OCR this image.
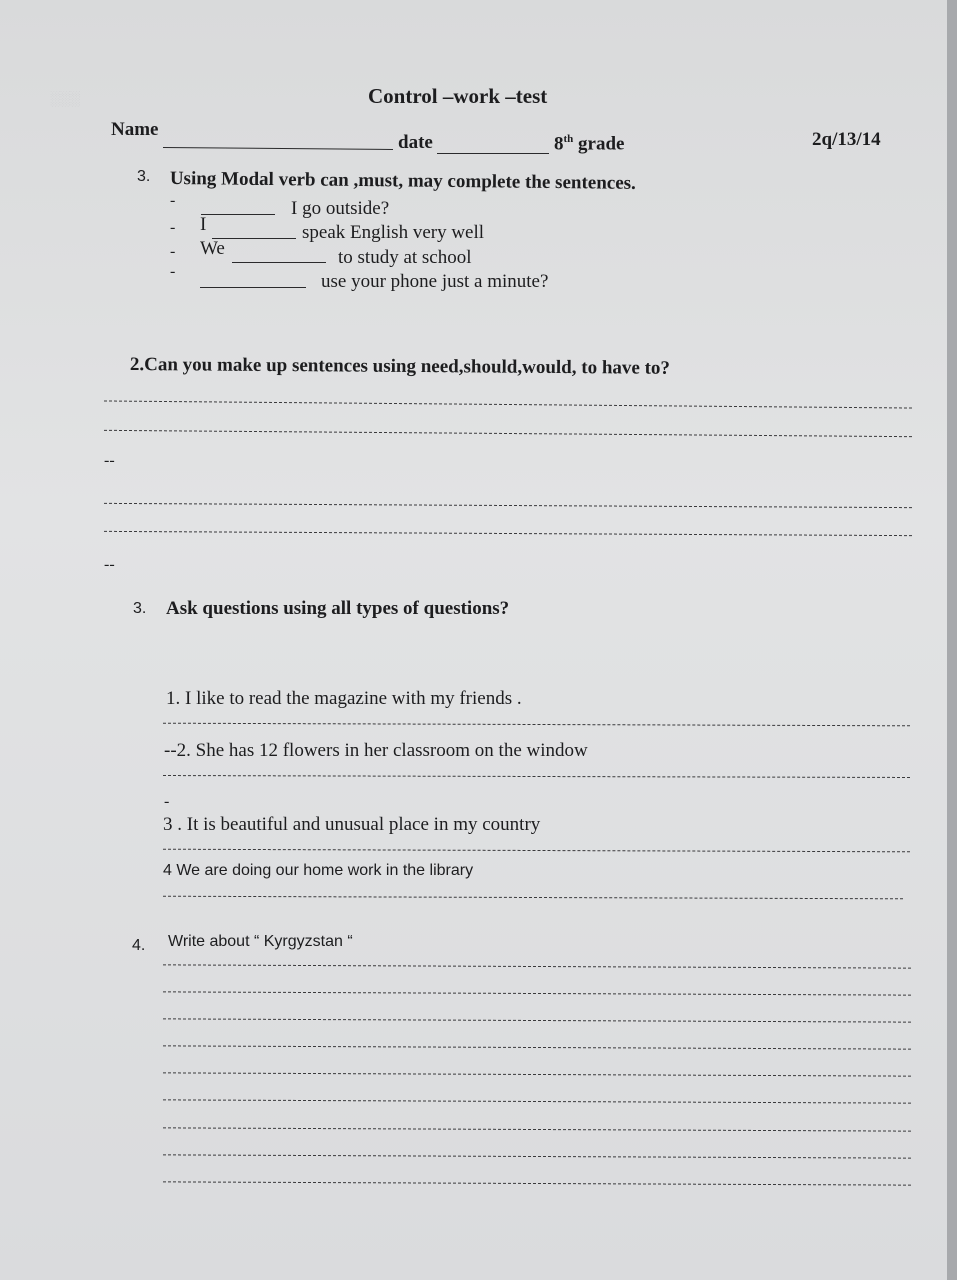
░░░	Control –work –test
Name
date	8th grade	2q/13/14
3. Using Modal verb can ,must, may complete the sentences.
-	I go outside?
- I	speak English very well
- We	to study at school
-	use your phone just a minute?
2.Can you make up sentences using need,should,would, to have to?
--
--
3. Ask questions using all types of questions?
1. I like to read the magazine with my friends .
--2. She has 12 flowers in her classroom on the window
-
3 . It is beautiful and unusual place in my country
4 We are doing our home work in the library
4. Write about “ Kyrgyzstan “
